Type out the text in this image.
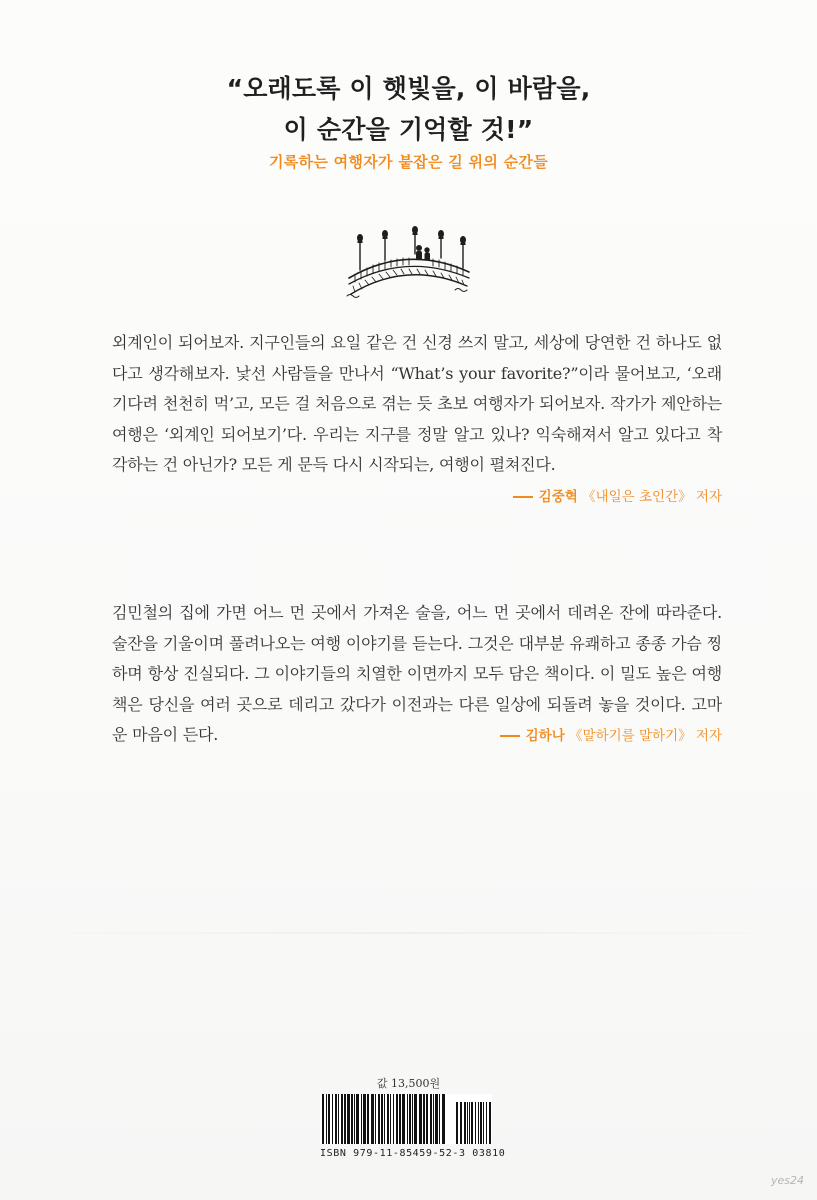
“오래도록 이 햇빛을, 이 바람을,
이 순간을 기억할 것!”
기록하는 여행자가 붙잡은 길 위의 순간들
외계인이 되어보자. 지구인들의 요일 같은 건 신경 쓰지 말고, 세상에 당연한 건 하나도 없다고 생각해보자. 낯선 사람들을 만나서 “What’s your favorite?”이라 물어보고, ‘오래 기다려 천천히 먹’고, 모든 걸 처음으로 겪는 듯 초보 여행자가 되어보자. 작가가 제안하는 여행은 ‘외계인 되어보기’다. 우리는 지구를 정말 알고 있나? 익숙해져서 알고 있다고 착각하는 건 아닌가? 모든 게 문득 다시 시작되는, 여행이 펼쳐진다.
김중혁 《내일은 초인간》 저자
김민철의 집에 가면 어느 먼 곳에서 가져온 술을, 어느 먼 곳에서 데려온 잔에 따라준다. 술잔을 기울이며 풀려나오는 여행 이야기를 듣는다. 그것은 대부분 유쾌하고 종종 가슴 찡하며 항상 진실되다. 그 이야기들의 치열한 이면까지 모두 담은 책이다. 이 밀도 높은 여행책은 당신을 여러 곳으로 데리고 갔다가 이전과는 다른 일상에 되돌려 놓을 것이다. 고마운 마음이 든다.	김하나 《말하기를 말하기》 저자
값 13,500원
ISBN 979-11-85459-52-3 03810
yes24
